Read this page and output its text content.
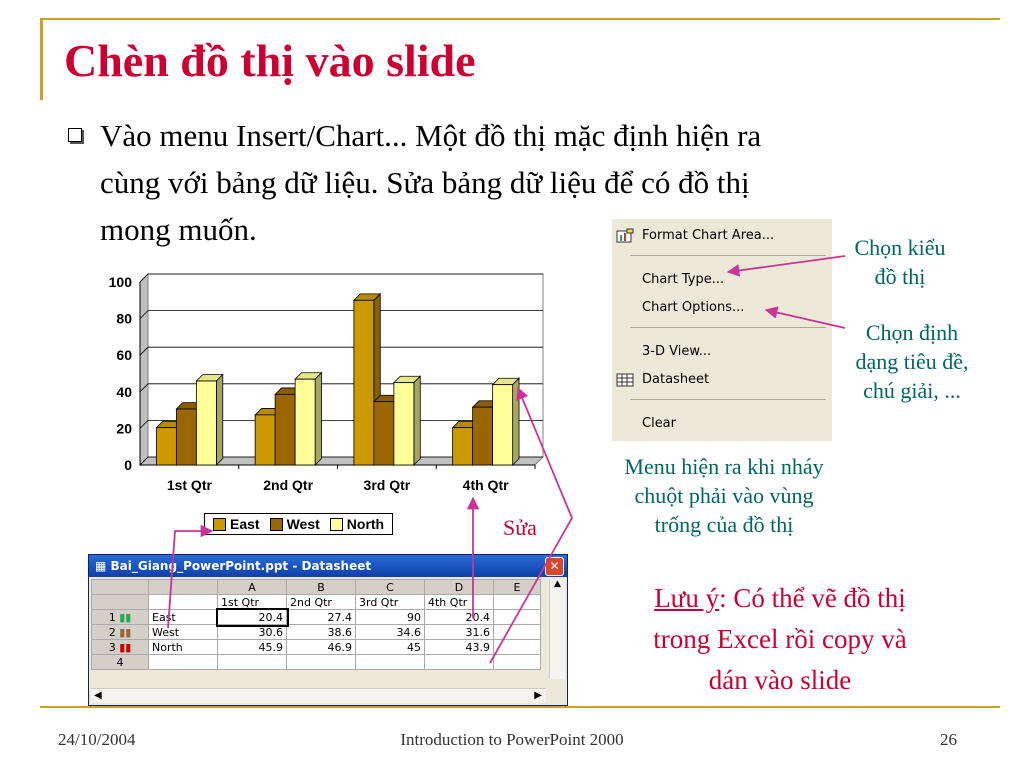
Chèn đồ thị vào slide

Vào menu Insert/Chart... Một đồ thị mặc định hiện ra
cùng với bảng dữ liệu. Sửa bảng dữ liệu để có đồ thị
mong muốn.

0
20
40
60
80
100
1st Qtr	2nd Qtr	3rd Qtr	4th Qtr
East West North
Format Chart Area...
Chart Type...
Chart Options...
3-D View...
Datasheet
Clear
Chọn kiểu
đồ thị
Chọn định
dạng tiêu đề,
chú giải, ...
Menu hiện ra khi nháy
chuột phải vào vùng
trống của đồ thị
Sửa
Lưu ý: Có thể vẽ đồ thị
trong Excel rồi copy và
dán vào slide
▦ Bai_Giang_PowerPoint.ppt - Datasheet	✕
		A	B	C	D	E
		1st Qtr	2nd Qtr	3rd Qtr	4th Qtr	
1 ▮▮	East	20.4	27.4	90	20.4	
2 ▮▮	West	30.6	38.6	34.6	31.6	
3 ▮▮	North	45.9	46.9	45	43.9	
4						
▲
◀	▶
24/10/2004	Introduction to PowerPoint 2000	26
